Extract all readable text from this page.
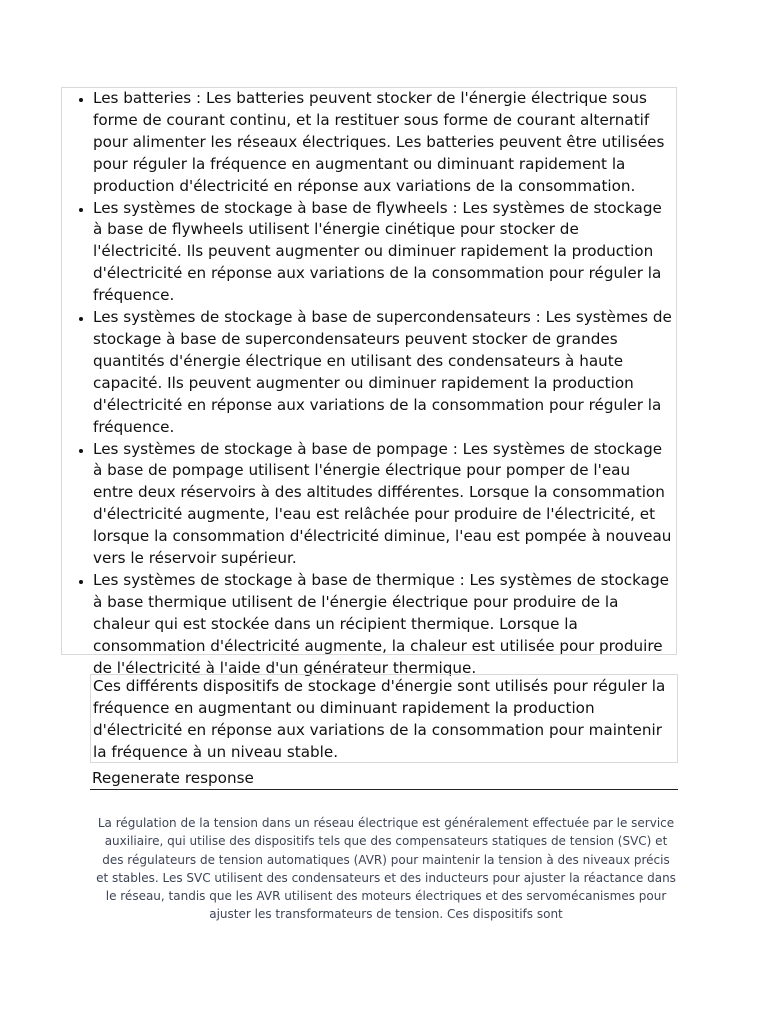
• Les batteries : Les batteries peuvent stocker de l'énergie électrique sous forme de courant continu, et la restituer sous forme de courant alternatif pour alimenter les réseaux électriques. Les batteries peuvent être utilisées pour réguler la fréquence en augmentant ou diminuant rapidement la production d'électricité en réponse aux variations de la consommation.
• Les systèmes de stockage à base de flywheels : Les systèmes de stockage à base de flywheels utilisent l'énergie cinétique pour stocker de l'électricité. Ils peuvent augmenter ou diminuer rapidement la production d'électricité en réponse aux variations de la consommation pour réguler la fréquence.
• Les systèmes de stockage à base de supercondensateurs : Les systèmes de stockage à base de supercondensateurs peuvent stocker de grandes quantités d'énergie électrique en utilisant des condensateurs à haute capacité. Ils peuvent augmenter ou diminuer rapidement la production d'électricité en réponse aux variations de la consommation pour réguler la fréquence.
• Les systèmes de stockage à base de pompage : Les systèmes de stockage à base de pompage utilisent l'énergie électrique pour pomper de l'eau entre deux réservoirs à des altitudes différentes. Lorsque la consommation d'électricité augmente, l'eau est relâchée pour produire de l'électricité, et lorsque la consommation d'électricité diminue, l'eau est pompée à nouveau vers le réservoir supérieur.
• Les systèmes de stockage à base de thermique : Les systèmes de stockage à base thermique utilisent de l'énergie électrique pour produire de la chaleur qui est stockée dans un récipient thermique. Lorsque la consommation d'électricité augmente, la chaleur est utilisée pour produire de l'électricité à l'aide d'un générateur thermique.
Ces différents dispositifs de stockage d'énergie sont utilisés pour réguler la fréquence en augmentant ou diminuant rapidement la production d'électricité en réponse aux variations de la consommation pour maintenir la fréquence à un niveau stable.
Regenerate response
La régulation de la tension dans un réseau électrique est généralement effectuée par le service auxiliaire, qui utilise des dispositifs tels que des compensateurs statiques de tension (SVC) et des régulateurs de tension automatiques (AVR) pour maintenir la tension à des niveaux précis et stables. Les SVC utilisent des condensateurs et des inducteurs pour ajuster la réactance dans le réseau, tandis que les AVR utilisent des moteurs électriques et des servomécanismes pour ajuster les transformateurs de tension. Ces dispositifs sont
